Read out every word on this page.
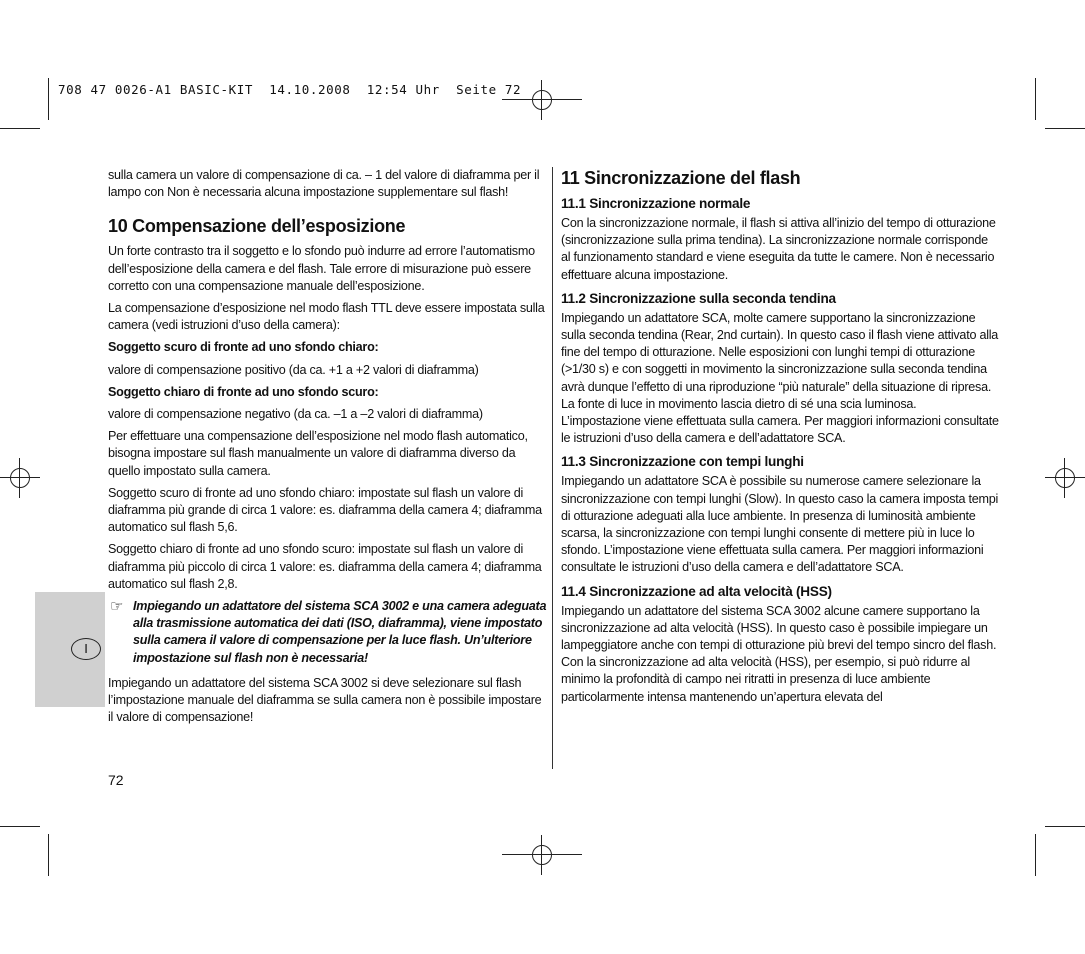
708 47 0026-A1 BASIC-KIT  14.10.2008  12:54 Uhr  Seite 72
I

sulla camera un valore di compensazione di ca. – 1 del valore di diaframma per il lampo con Non è necessaria alcuna impostazione supplementare sul flash!

10 Compensazione dell’esposizione

Un forte contrasto tra il soggetto e lo sfondo può indurre ad errore l’automatismo dell’esposizione della camera e del flash. Tale errore di misurazione può essere corretto con una compensazione manuale dell’esposizione.

La compensazione d’esposizione nel modo flash TTL deve essere impostata sulla camera (vedi istruzioni d’uso della camera):

Soggetto scuro di fronte ad uno sfondo chiaro:

valore di compensazione positivo (da ca. +1 a +2 valori di diaframma)

Soggetto chiaro di fronte ad uno sfondo scuro:

valore di compensazione negativo (da ca. –1 a –2 valori di diaframma)

Per effettuare una compensazione dell’esposizione nel modo flash automatico, bisogna impostare sul flash manualmente un valore di diaframma diverso da quello impostato sulla camera.

Soggetto scuro di fronte ad uno sfondo chiaro: impostate sul flash un valore di diaframma più grande di circa 1 valore: es. diaframma della camera 4; diaframma automatico sul flash 5,6.

Soggetto chiaro di fronte ad uno sfondo scuro: impostate sul flash un valore di diaframma più piccolo di circa 1 valore: es. diaframma della camera 4; diaframma automatico sul flash 2,8.

☞ Impiegando un adattatore del sistema SCA 3002 e una camera adeguata alla trasmissione automatica dei dati (ISO, diaframma), viene impostato sulla camera il valore di compensazione per la luce flash. Un’ulteriore impostazione sul flash non è necessaria!

Impiegando un adattatore del sistema SCA 3002 si deve selezionare sul flash l’impostazione manuale del diaframma se sulla camera non è possibile impostare il valore di compensazione!

11 Sincronizzazione del flash
11.1 Sincronizzazione normale

Con la sincronizzazione normale, il flash si attiva all’inizio del tempo di otturazione (sincronizzazione sulla prima tendina). La sincronizzazione normale corrisponde al funzionamento standard e viene eseguita da tutte le camere. Non è necessario effettuare alcuna impostazione.

11.2 Sincronizzazione sulla seconda tendina

Impiegando un adattatore SCA, molte camere supportano la sincronizzazione sulla seconda tendina (Rear, 2nd curtain). In questo caso il flash viene attivato alla fine del tempo di otturazione. Nelle esposizioni con lunghi tempi di otturazione (>1/30 s) e con soggetti in movimento la sincronizzazione sulla seconda tendina avrà dunque l’effetto di una riproduzione “più naturale” della situazione di ripresa. La fonte di luce in movimento lascia dietro di sé una scia luminosa. L’impostazione viene effettuata sulla camera. Per maggiori informazioni consultate le istruzioni d’uso della camera e dell’adattatore SCA.

11.3 Sincronizzazione con tempi lunghi

Impiegando un adattatore SCA è possibile su numerose camere selezionare la sincronizzazione con tempi lunghi (Slow). In questo caso la camera imposta tempi di otturazione adeguati alla luce ambiente. In presenza di luminosità ambiente scarsa, la sincronizzazione con tempi lunghi consente di mettere più in luce lo sfondo. L’impostazione viene effettuata sulla camera. Per maggiori informazioni consultate le istruzioni d’uso della camera e dell’adattatore SCA.

11.4 Sincronizzazione ad alta velocità (HSS)

Impiegando un adattatore del sistema SCA 3002 alcune camere supportano la sincronizzazione ad alta velocità (HSS). In questo caso è possibile impiegare un lampeggiatore anche con tempi di otturazione più brevi del tempo sincro del flash. Con la sincronizzazione ad alta velocità (HSS), per esempio, si può ridurre al minimo la profondità di campo nei ritratti in presenza di luce ambiente particolarmente intensa mantenendo un’apertura elevata del

72
